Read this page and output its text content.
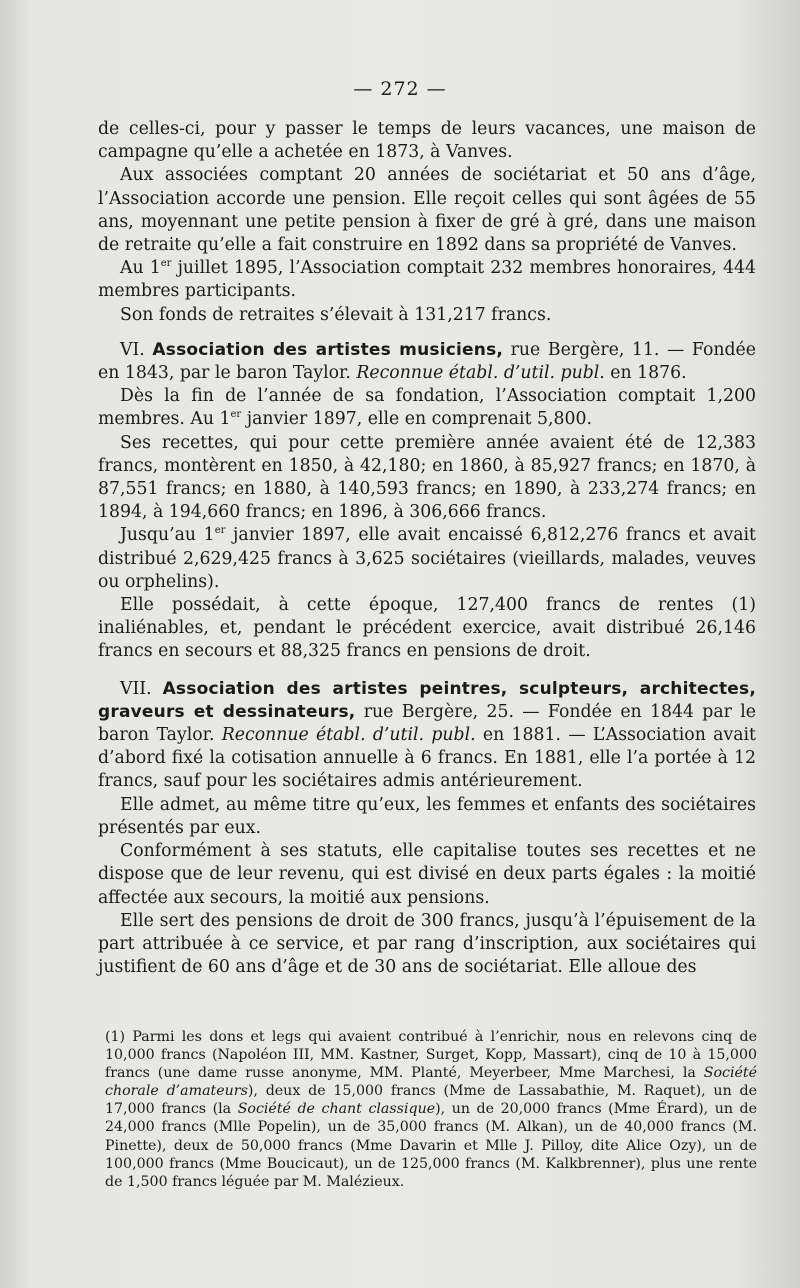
— 272 —

de celles-ci, pour y passer le temps de leurs vacances, une maison de campagne qu’elle a achetée en 1873, à Vanves.

Aux associées comptant 20 années de sociétariat et 50 ans d’âge, l’Association accorde une pension. Elle reçoit celles qui sont âgées de 55 ans, moyennant une petite pension à fixer de gré à gré, dans une maison de retraite qu’elle a fait construire en 1892 dans sa propriété de Vanves.

Au 1er juillet 1895, l’Association comptait 232 membres honoraires, 444 membres participants.

Son fonds de retraites s’élevait à 131,217 francs.

VI. Association des artistes musiciens, rue Bergère, 11. — Fondée en 1843, par le baron Taylor. Reconnue établ. d’util. publ. en 1876.

Dès la fin de l’année de sa fondation, l’Association comptait 1,200 membres. Au 1er janvier 1897, elle en comprenait 5,800.

Ses recettes, qui pour cette première année avaient été de 12,383 francs, montèrent en 1850, à 42,180; en 1860, à 85,927 francs; en 1870, à 87,551 francs; en 1880, à 140,593 francs; en 1890, à 233,274 francs; en 1894, à 194,660 francs; en 1896, à 306,666 francs.

Jusqu’au 1er janvier 1897, elle avait encaissé 6,812,276 francs et avait distribué 2,629,425 francs à 3,625 sociétaires (vieillards, malades, veuves ou orphelins).

Elle possédait, à cette époque, 127,400 francs de rentes (1) inaliénables, et, pendant le précédent exercice, avait distribué 26,146 francs en secours et 88,325 francs en pensions de droit.

VII. Association des artistes peintres, sculpteurs, architectes, graveurs et dessinateurs, rue Bergère, 25. — Fondée en 1844 par le baron Taylor. Reconnue établ. d’util. publ. en 1881. — L’Association avait d’abord fixé la cotisation annuelle à 6 francs. En 1881, elle l’a portée à 12 francs, sauf pour les sociétaires admis antérieurement.

Elle admet, au même titre qu’eux, les femmes et enfants des sociétaires présentés par eux.

Conformément à ses statuts, elle capitalise toutes ses recettes et ne dispose que de leur revenu, qui est divisé en deux parts égales : la moitié affectée aux secours, la moitié aux pensions.

Elle sert des pensions de droit de 300 francs, jusqu’à l’épuisement de la part attribuée à ce service, et par rang d’inscription, aux sociétaires qui justifient de 60 ans d’âge et de 30 ans de sociétariat. Elle alloue des

(1) Parmi les dons et legs qui avaient contribué à l’enrichir, nous en relevons cinq de 10,000 francs (Napoléon III, MM. Kastner, Surget, Kopp, Massart), cinq de 10 à 15,000 francs (une dame russe anonyme, MM. Planté, Meyerbeer, Mme Marchesi, la Société chorale d’amateurs), deux de 15,000 francs (Mme de Lassabathie, M. Raquet), un de 17,000 francs (la Société de chant classique), un de 20,000 francs (Mme Érard), un de 24,000 francs (Mlle Popelin), un de 35,000 francs (M. Alkan), un de 40,000 francs (M. Pinette), deux de 50,000 francs (Mme Davarin et Mlle J. Pilloy, dite Alice Ozy), un de 100,000 francs (Mme Boucicaut), un de 125,000 francs (M. Kalkbrenner), plus une rente de 1,500 francs léguée par M. Malézieux.
